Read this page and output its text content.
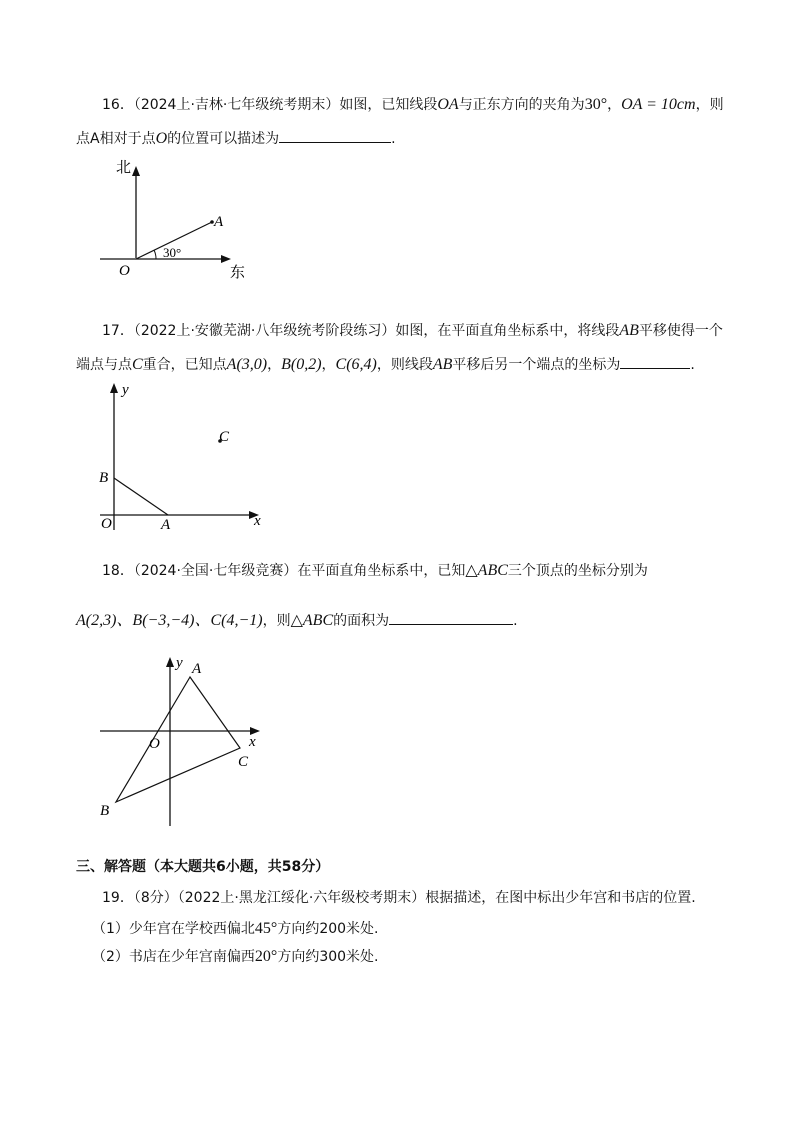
16．（2024上·吉林·七年级统考期末）如图，已知线段OA与正东方向的夹角为30°，OA = 10cm，则
点A相对于点O的位置可以描述为	.
北
东
O
A
30°
17．（2022上·安徽芜湖·八年级统考阶段练习）如图，在平面直角坐标系中，将线段AB平移使得一个
端点与点C重合，已知点A(3,0)，B(0,2)，C(6,4)，则线段AB平移后另一个端点的坐标为	.
y
x
C
B
O	A
18．（2024·全国·七年级竞赛）在平面直角坐标系中，已知△ABC三个顶点的坐标分别为
A(2,3)、B(−3,−4)、C(4,−1)，则△ABC的面积为	.
y A
x
O
C
B
三、解答题（本大题共6小题，共58分）
19．（8分）（2022上·黑龙江绥化·六年级校考期末）根据描述，在图中标出少年宫和书店的位置.
（1）少年宫在学校西偏北45°方向约200米处.
（2）书店在少年宫南偏西20°方向约300米处.
